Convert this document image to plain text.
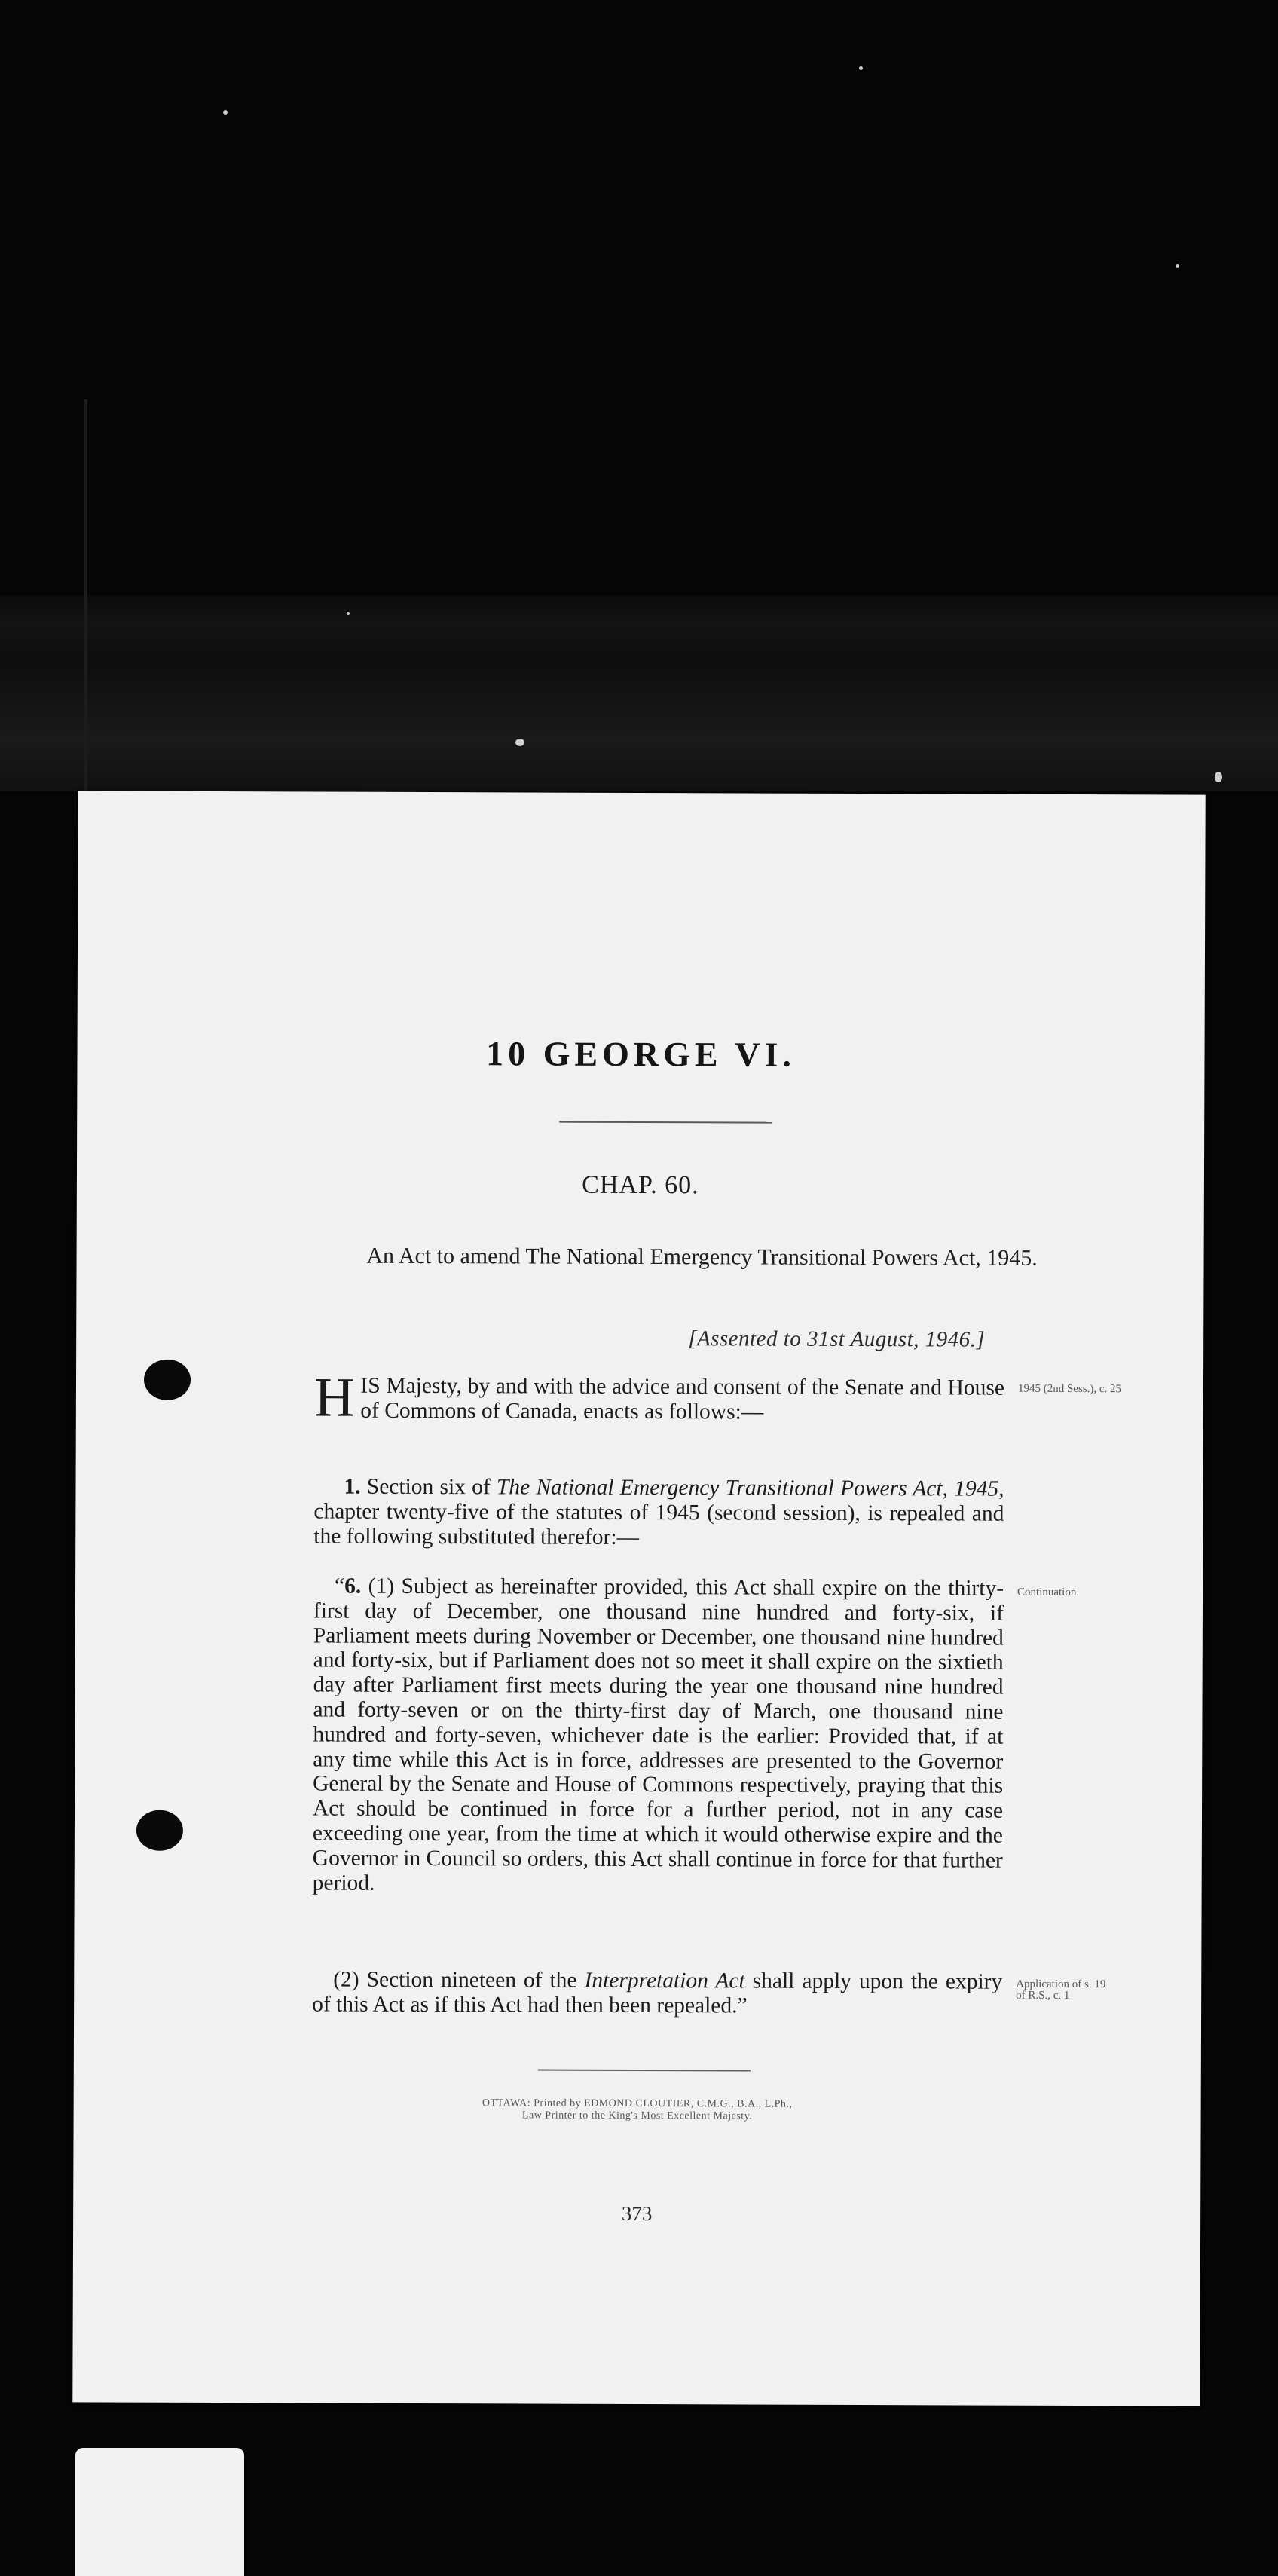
10 GEORGE VI.
CHAP. 60.
An Act to amend The National Emergency Transitional Powers Act, 1945.
[Assented to 31st August, 1946.]

HIS Majesty, by and with the advice and consent of the Senate and House of Commons of Canada, enacts as follows:—

1. Section six of The National Emergency Transitional Powers Act, 1945, chapter twenty-five of the statutes of 1945 (second session), is repealed and the following substituted therefor:—

“6. (1) Subject as hereinafter provided, this Act shall expire on the thirty-first day of December, one thousand nine hundred and forty-six, if Parliament meets during November or December, one thousand nine hundred and forty-six, but if Parliament does not so meet it shall expire on the sixtieth day after Parliament first meets during the year one thousand nine hundred and forty-seven or on the thirty-first day of March, one thousand nine hundred and forty-seven, whichever date is the earlier: Provided that, if at any time while this Act is in force, addresses are presented to the Governor General by the Senate and House of Commons respectively, praying that this Act should be continued in force for a further period, not in any case exceeding one year, from the time at which it would otherwise expire and the Governor in Council so orders, this Act shall continue in force for that further period.

(2) Section nineteen of the Interpretation Act shall apply upon the expiry of this Act as if this Act had then been repealed.”

1945 (2nd Sess.), c. 25
Continuation.
Application of s. 19 of R.S., c. 1
OTTAWA: Printed by EDMOND CLOUTIER, C.M.G., B.A., L.Ph.,
Law Printer to the King's Most Excellent Majesty.
373
